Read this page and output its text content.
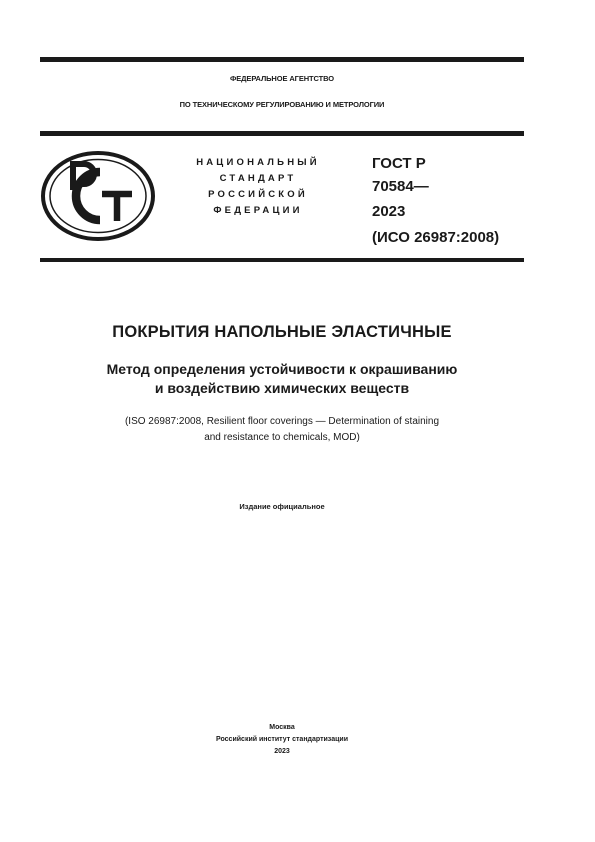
ФЕДЕРАЛЬНОЕ АГЕНТСТВО
ПО ТЕХНИЧЕСКОМУ РЕГУЛИРОВАНИЮ И МЕТРОЛОГИИ
НАЦИОНАЛЬНЫЙ
СТАНДАРТ
РОССИЙСКОЙ
ФЕДЕРАЦИИ
ГОСТ Р
70584—
2023
(ИСО 26987:2008)
ПОКРЫТИЯ НАПОЛЬНЫЕ ЭЛАСТИЧНЫЕ
Метод определения устойчивости к окрашиванию
и воздействию химических веществ
(ISO 26987:2008, Resilient floor coverings — Determination of staining
and resistance to chemicals, MOD)
Издание официальное
Москва
Российский институт стандартизации
2023
